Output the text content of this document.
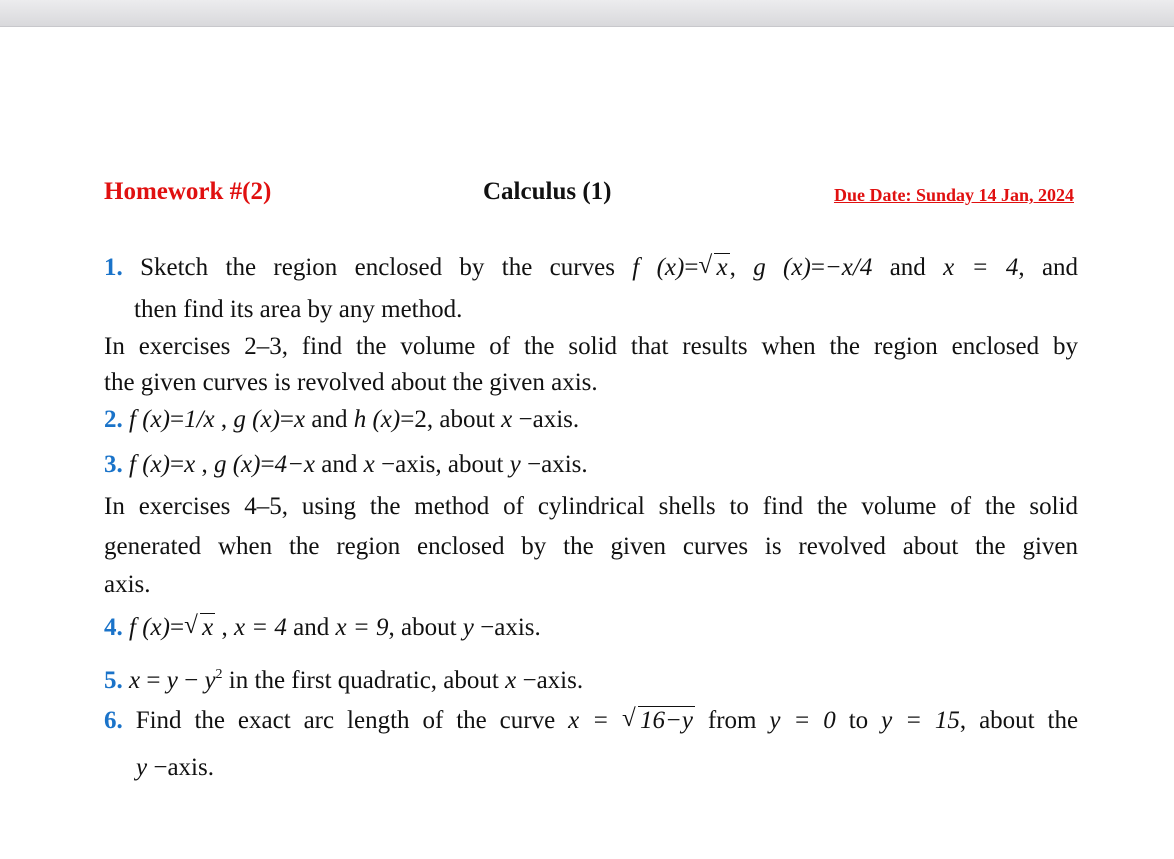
Homework #(2)	Calculus (1)	Due Date: Sunday 14 Jan, 2024
1. Sketch the region enclosed by the curves f (x)= √ x, g (x)=−x/4 and x = 4, and
then find its area by any method.
In exercises 2–3, find the volume of the solid that results when the region enclosed by
the given curves is revolved about the given axis.
2. f (x)=1/x , g (x)=x and h (x)=2, about x −axis.
3. f (x)=x , g (x)=4−x and x −axis, about y −axis.
In exercises 4–5, using the method of cylindrical shells to find the volume of the solid
generated when the region enclosed by the given curves is revolved about the given
axis.
4. f (x)= √ x , x = 4 and x = 9, about y −axis.
5. $x = y - y^2$ in the first quadratic, about x −axis.
6. Find the exact arc length of the curve x = √ 16−y from y = 0 to y = 15, about the
y −axis.
